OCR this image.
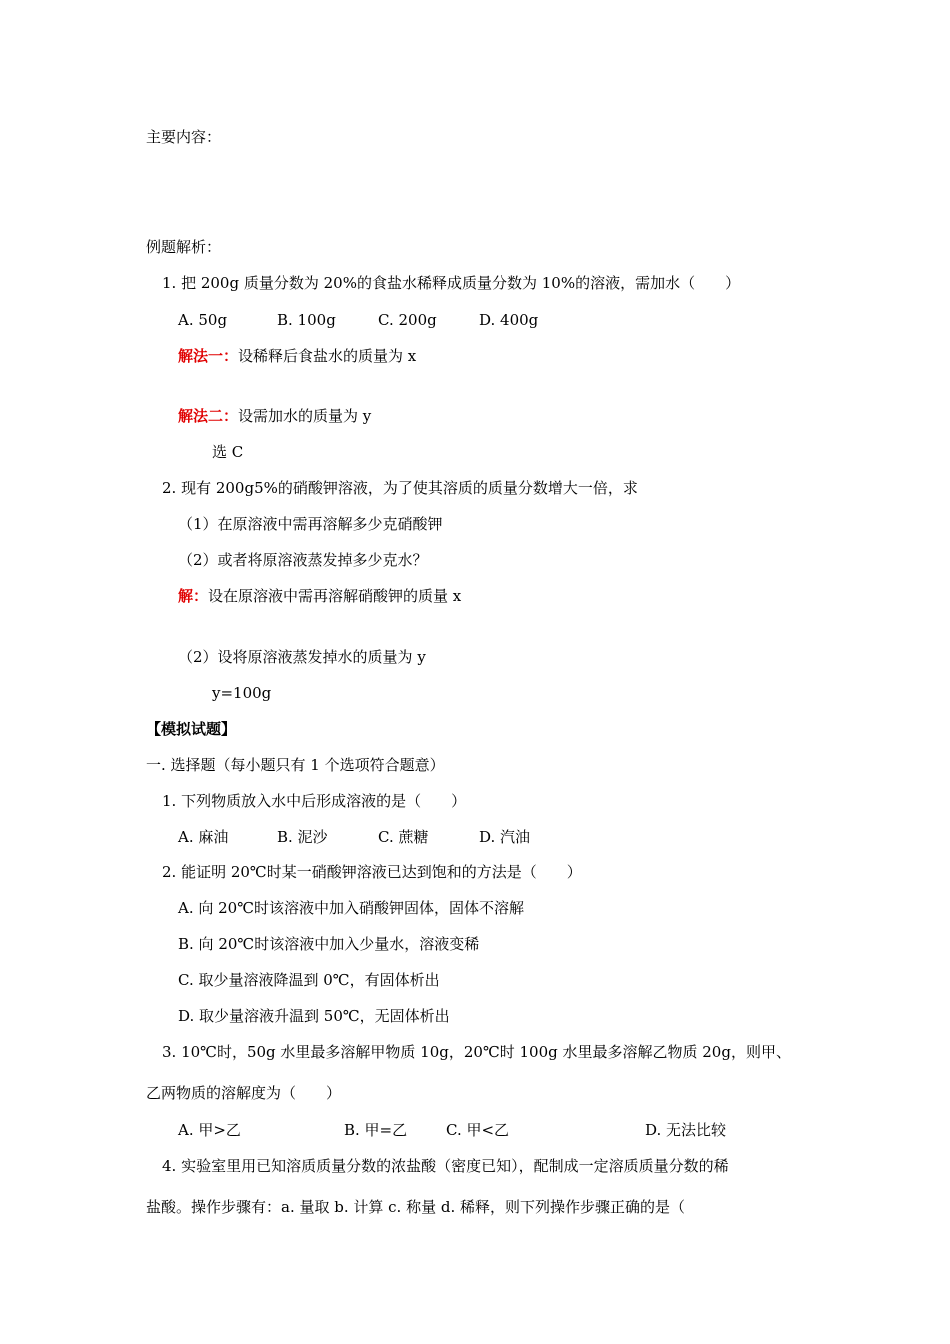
主要内容：
例题解析：
1. 把 200g 质量分数为 20%的食盐水稀释成质量分数为 10%的溶液，需加水（　　）
A. 50g	B. 100g	C. 200g	D. 400g
解法一：设稀释后食盐水的质量为 x
解法二：设需加水的质量为 y
选 C
2. 现有 200g5%的硝酸钾溶液，为了使其溶质的质量分数增大一倍，求
（1）在原溶液中需再溶解多少克硝酸钾
（2）或者将原溶液蒸发掉多少克水？
解：设在原溶液中需再溶解硝酸钾的质量 x
（2）设将原溶液蒸发掉水的质量为 y
y=100g
【模拟试题】
一. 选择题（每小题只有 1 个选项符合题意）
1. 下列物质放入水中后形成溶液的是（　　）
A. 麻油	B. 泥沙	C. 蔗糖	D. 汽油
2. 能证明 20℃时某一硝酸钾溶液已达到饱和的方法是（　　）
A. 向 20℃时该溶液中加入硝酸钾固体，固体不溶解
B. 向 20℃时该溶液中加入少量水，溶液变稀
C. 取少量溶液降温到 0℃，有固体析出
D. 取少量溶液升温到 50℃，无固体析出
3. 10℃时，50g 水里最多溶解甲物质 10g，20℃时 100g 水里最多溶解乙物质 20g，则甲、
乙两物质的溶解度为（　　）
A. 甲>乙	B. 甲=乙	C. 甲<乙	D. 无法比较
4. 实验室里用已知溶质质量分数的浓盐酸（密度已知），配制成一定溶质质量分数的稀
盐酸。操作步骤有：a. 量取 b. 计算 c. 称量 d. 稀释，则下列操作步骤正确的是（
